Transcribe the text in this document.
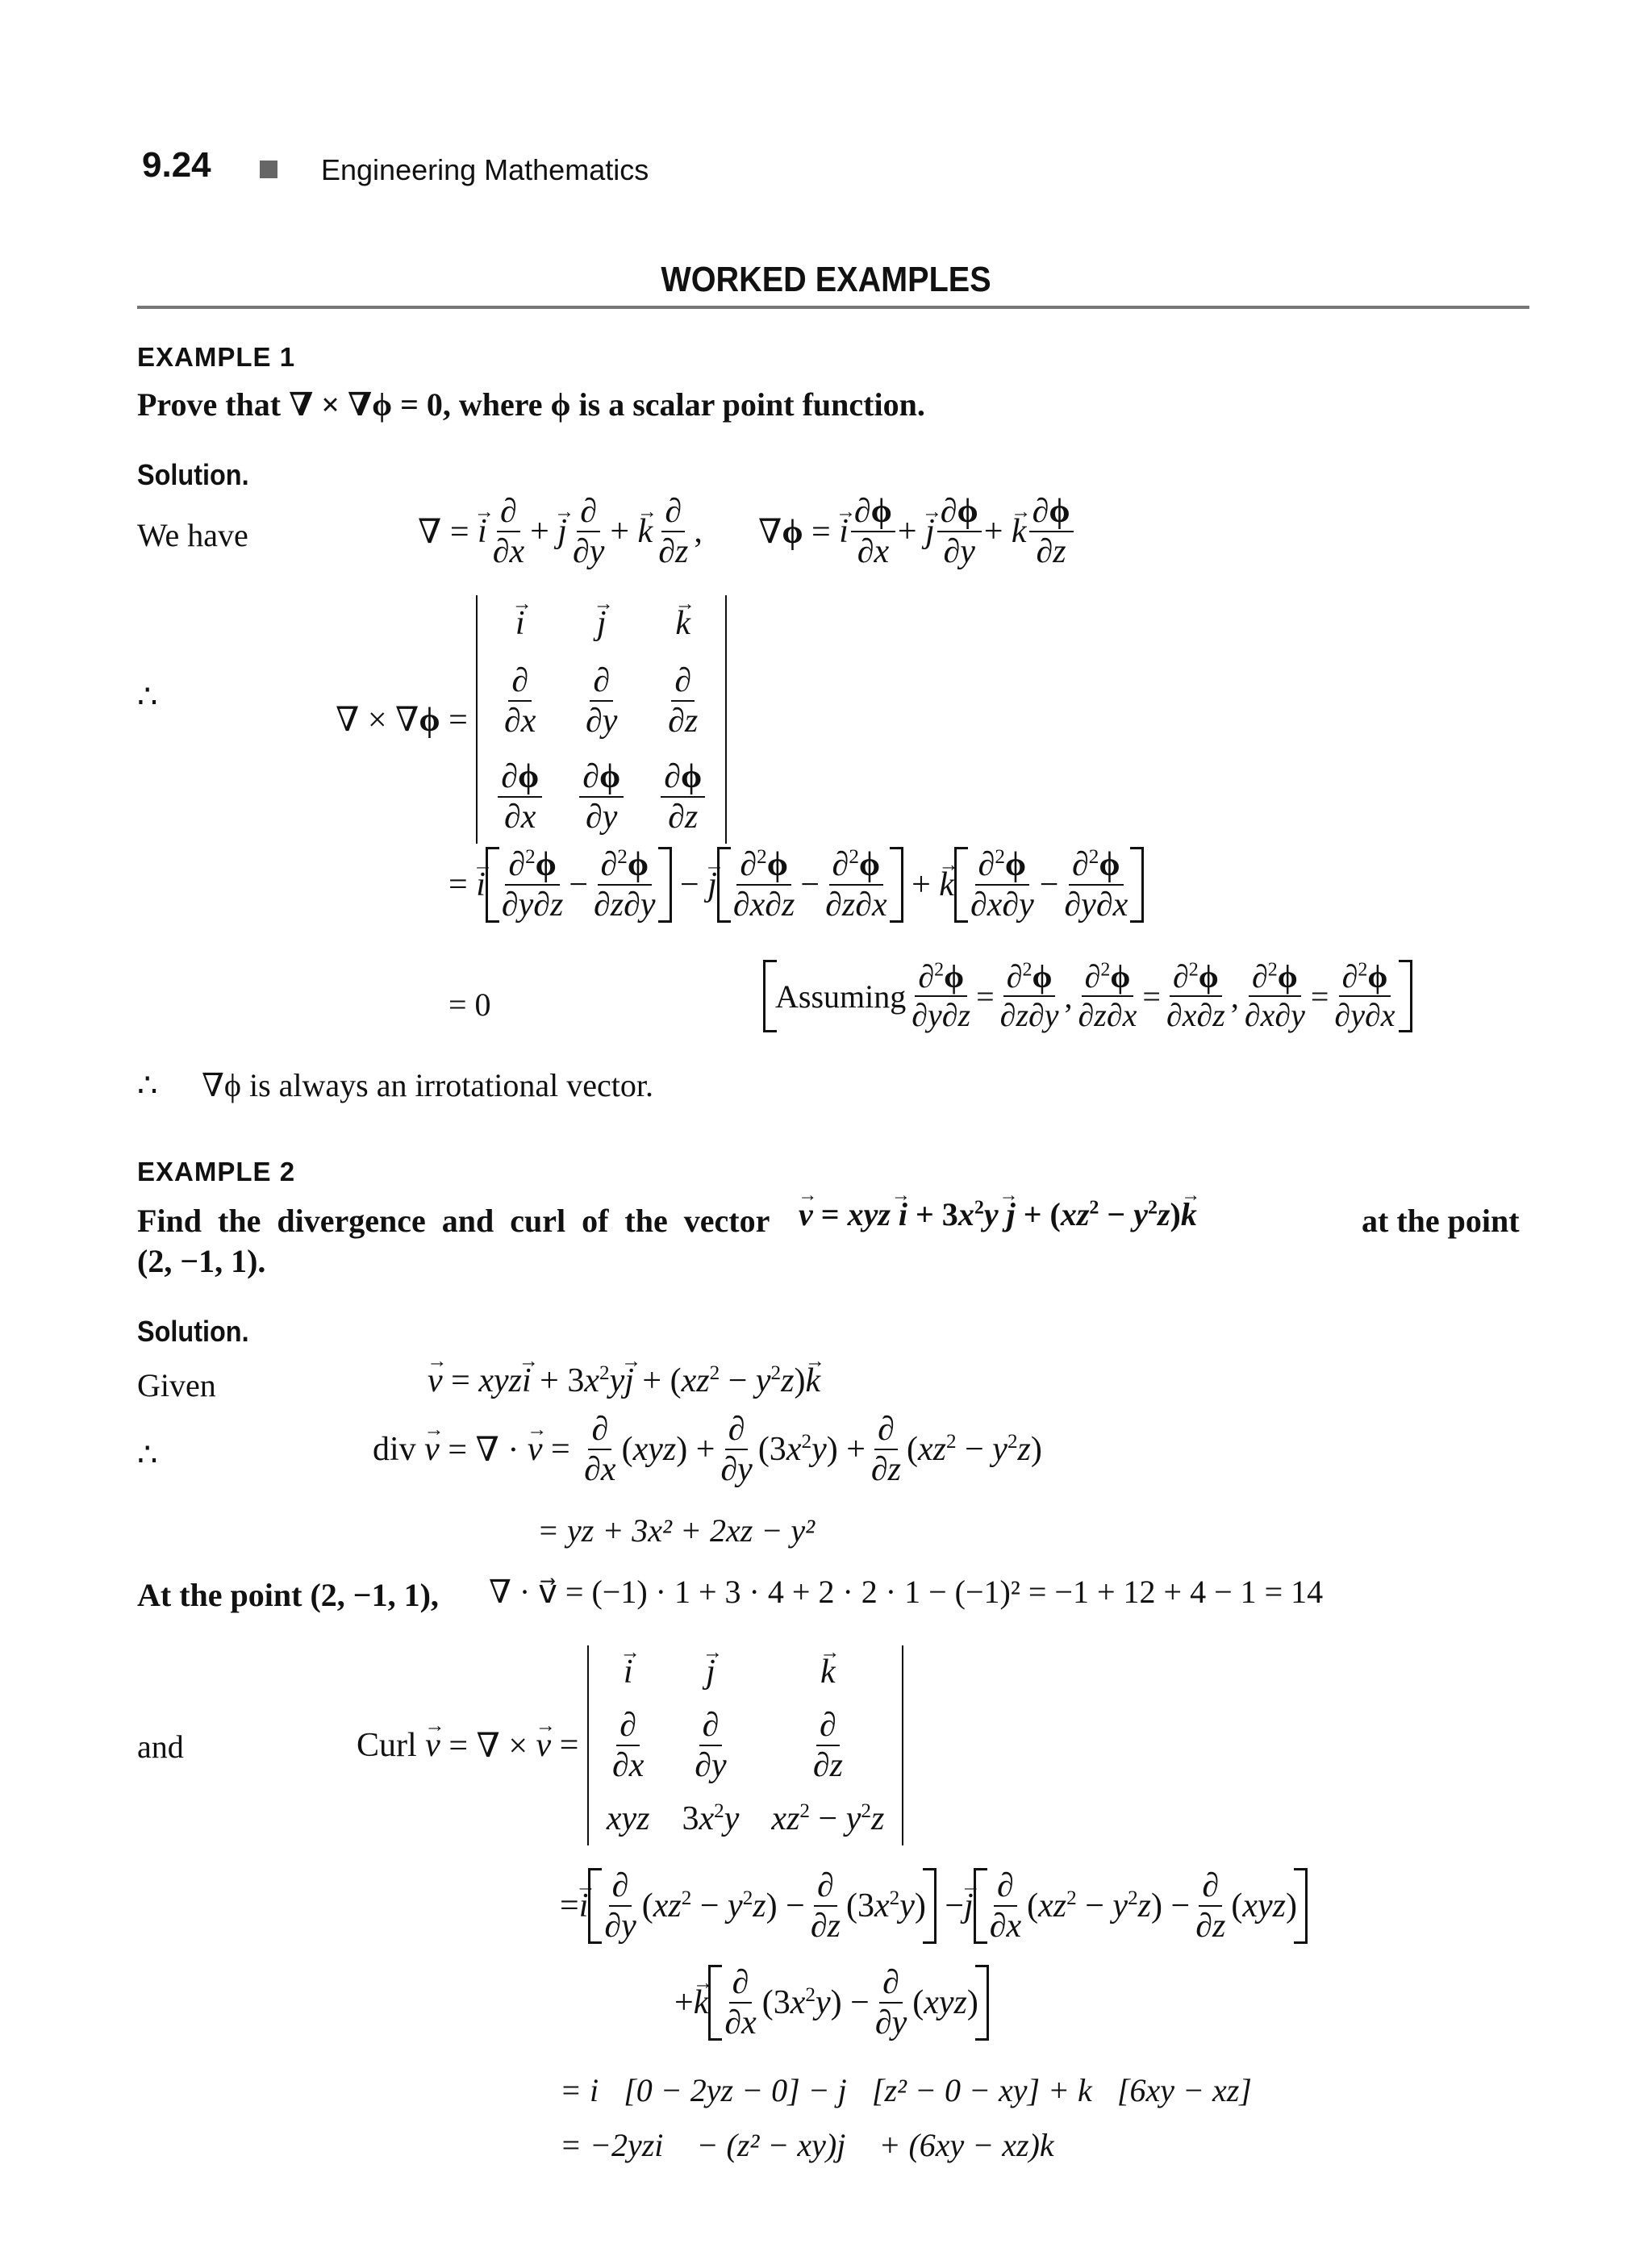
9.24	Engineering Mathematics
WORKED EXAMPLES
EXAMPLE 1
Prove that ∇ × ∇ϕ = 0, where ϕ is a scalar point function.
Solution.
We have	∇ =
→ i $\frac{\partial}{\partial x}$ +
→ j $\frac{\partial}{\partial y}$ +
→ k $\frac{\partial}{\partial z}$ , ∇ϕ =
→ i $\frac{\partial\phi}{\partial x}$ +
→ j $\frac{\partial\phi}{\partial y}$ +
→ k $\frac{\partial\phi}{\partial z}$
∴
∇ × ∇ϕ =
→ i
→ j
→ k
$\frac{\partial}{\partial x} \frac{\partial}{\partial y} \frac{\partial}{\partial z}$
$\frac{\partial\phi}{\partial x} \frac{\partial\phi}{\partial y} \frac{\partial\phi}{\partial z}$
=
→ i $\frac{\partial^2\phi}{\partial y\partial z} - \frac{\partial^2\phi}{\partial z\partial y}$ −
→ j $\frac{\partial^2\phi}{\partial x\partial z} - \frac{\partial^2\phi}{\partial z\partial x}$ +
→ k $\frac{\partial^2\phi}{\partial x\partial y} - \frac{\partial^2\phi}{\partial y\partial x}$
= 0	Assuming $\frac{\partial^2\phi}{\partial y\partial z} = \frac{\partial^2\phi}{\partial z\partial y}$ , $\frac{\partial^2\phi}{\partial z\partial x} = \frac{\partial^2\phi}{\partial x\partial z}$ , $\frac{\partial^2\phi}{\partial x\partial y} = \frac{\partial^2\phi}{\partial y\partial x}$
∴ ∇ϕ is always an irrotational vector.
EXAMPLE 2
Find the divergence and curl of the vector
→ v = xyz
→ $i + 3x^2y$
→ $j + (xz^2 - y^2z)$
→ k	at the point
(2, −1, 1).
Solution.
Given
→	v = xyz
→ $i + 3x^2y$
→ $j + (xz^2 - y^2z)$
→ k
∴	div
→ v = ∇ ·
→ $v = \frac{\partial}{\partial x} (xyz) + \frac{\partial}{\partial y} (3x^2y) + \frac{\partial}{\partial z} (xz^2 - y^2z)$
= yz + 3x² + 2xz − y²
At the point (2, −1, 1), ∇ · v⃗ = (−1) · 1 + 3 · 4 + 2 · 2 · 1 − (−1)² = −1 + 12 + 4 − 1 = 14
and	Curl

→ v = ∇ ×
→ v =
→ i
→ j
→	k
$\frac{\partial}{\partial x} \frac{\partial}{\partial y} \frac{\partial}{\partial z}$
xyz $3x^2y$ $xz^2 - y^2z$
=
→ i $\frac{\partial}{\partial y} (xz^2 - y^2z) - \frac{\partial}{\partial z} (3x^2y)$ −
→ j $\frac{\partial}{\partial x} (xz^2 - y^2z) - \frac{\partial}{\partial z} (xyz)$
+
→ k $\frac{\partial}{\partial x} (3x^2y) - \frac{\partial}{\partial y} (xyz)$
= i⃗[0 − 2yz − 0] − j⃗[z² − 0 − xy] + k⃗[6xy − xz]
= −2yzi⃗ − (z² − xy)j⃗ + (6xy − xz)k⃗
